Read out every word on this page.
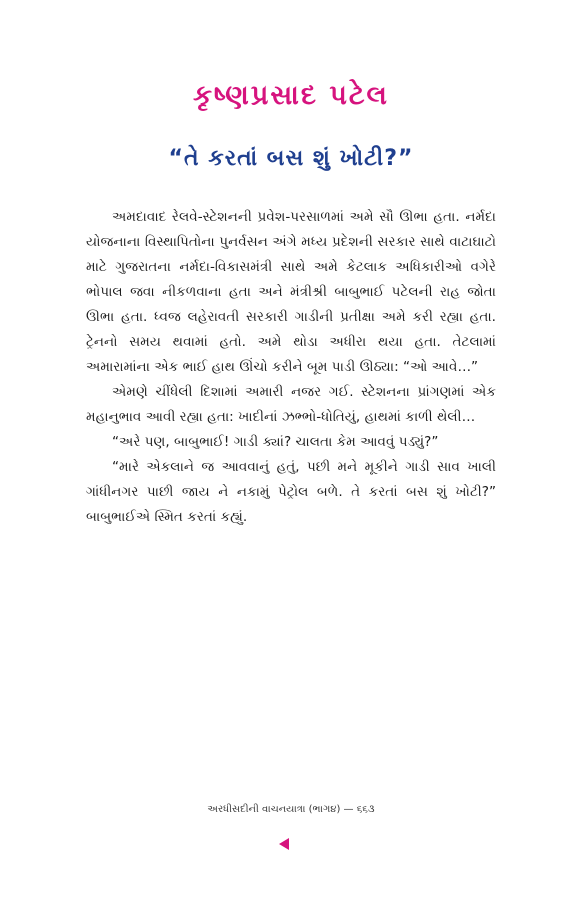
કૃષ્ણપ્રસાદ પટેલ
“તે કરતાં બસ શું ખોટી?”

અમદાવાદ રેલવે-સ્ટેશનની પ્રવેશ-પરસાળમાં અમે સૌ ઊભા હતા. નર્મદા યોજનાના વિસ્થાપિતોના પુનર્વસન અંગે મધ્ય પ્રદેશની સરકાર સાથે વાટાઘાટો માટે ગુજરાતના નર્મદા-વિકાસમંત્રી સાથે અમે કેટલાક અધિકારીઓ વગેરે ભોપાલ જવા નીકળવાના હતા અને મંત્રીશ્રી બાબુભાઈ પટેલની રાહ જોતા ઊભા હતા. ધ્વજ લહેરાવતી સરકારી ગાડીની પ્રતીક્ષા અમે કરી રહ્યા હતા. ટ્રેનનો સમય થવામાં હતો. અમે થોડા અધીરા થયા હતા. તેટલામાં અમારામાંના એક ભાઈ હાથ ઊંચો કરીને બૂમ પાડી ઊઠ્યા: “ઓ આવે…”

એમણે ચીંધેલી દિશામાં અમારી નજર ગઈ. સ્ટેશનના પ્રાંગણમાં એક મહાનુભાવ આવી રહ્યા હતા: ખાદીનાં ઝભ્ભો-ધોતિયું, હાથમાં કાળી થેલી…

“અરે પણ, બાબુભાઈ! ગાડી ક્યાં? ચાલતા કેમ આવવું પડ્યું?”

“મારે એકલાને જ આવવાનું હતું, પછી મને મૂકીને ગાડી સાવ ખાલી ગાંધીનગર પાછી જાય ને નકામું પેટ્રોલ બળે. તે કરતાં બસ શું ખોટી?” બાબુભાઈએ સ્મિત કરતાં કહ્યું.

અરધીસદીની વાચનયાત્રા (ભાગ૪) — ૬૬૩
